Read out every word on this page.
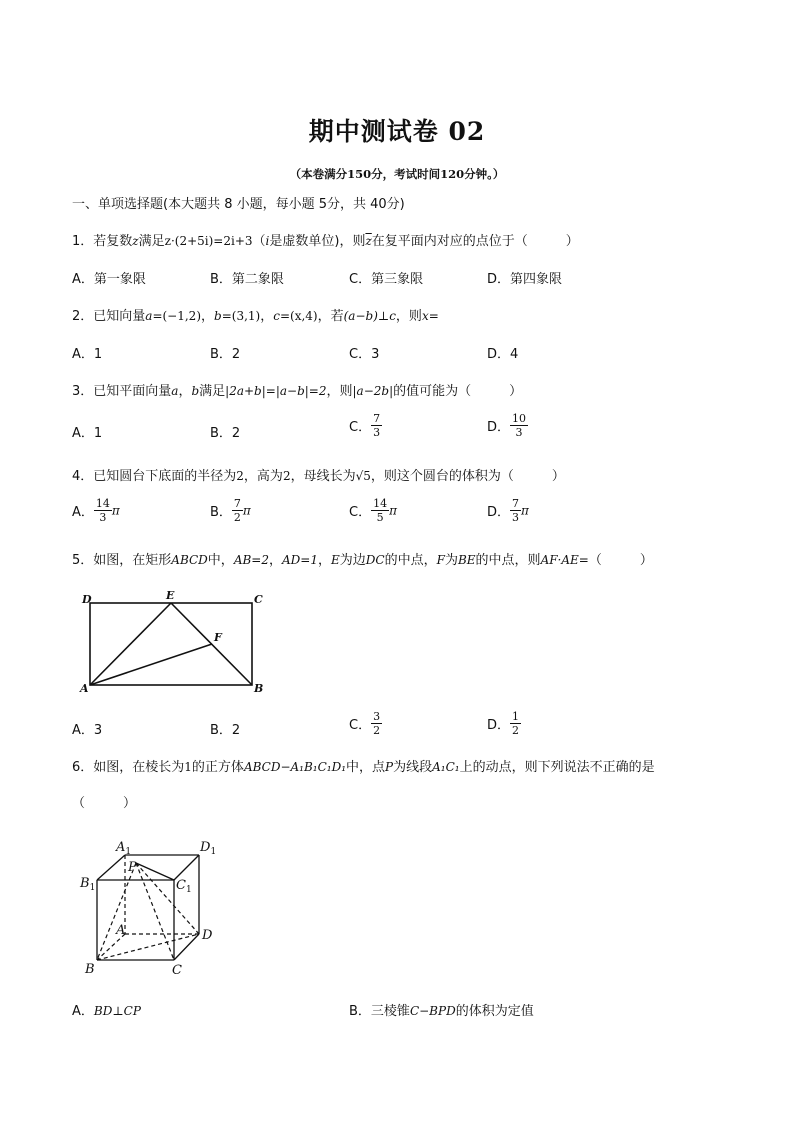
期中测试卷 02
（本卷满分150分，考试时间120分钟。）
一、单项选择题(本大题共 8 小题，每小题 5分，共 40分)
1．若复数z满足z·(2+5i)=2i+3（i是虚数单位)，则$\overline{z}$在复平面内对应的点位于（	）
A．第一象限	B．第二象限	C．第三象限	D．第四象限
2．已知向量a=(−1,2)，b=(3,1)，c=(x,4)，若(a−b)⊥c，则x=
A．1	B．2	C．3	D．4
3．已知平面向量a，b满足|2a+b|=|a−b|=2，则|a−2b|的值可能为（	）
A．1	B．2	C． $\frac{7}{3}$	D． $\frac{10}{3}$
4．已知圆台下底面的半径为2，高为2，母线长为√5，则这个圆台的体积为（	）
A． $\frac{14}{3}$ π	B． $\frac{7}{2}$ π	C． $\frac{14}{5}$ π	D． $\frac{7}{3}$ π
5．如图，在矩形ABCD中，AB=2，AD=1，E为边DC的中点，F为BE的中点，则AF·AE=（	）
A	B
C
D	E
F
A．3	B．2	C． $\frac{3}{2}$	D． $\frac{1}{2}$
6．如图，在棱长为1的正方体ABCD−A₁B₁C₁D₁中，点P为线段A₁C₁上的动点，则下列说法不正确的是
（	）
$A_1$	$D_1$
$B_1$	$C_1$
P
A	D
B	C
A．BD⊥CP	B．三棱锥C−BPD的体积为定值
